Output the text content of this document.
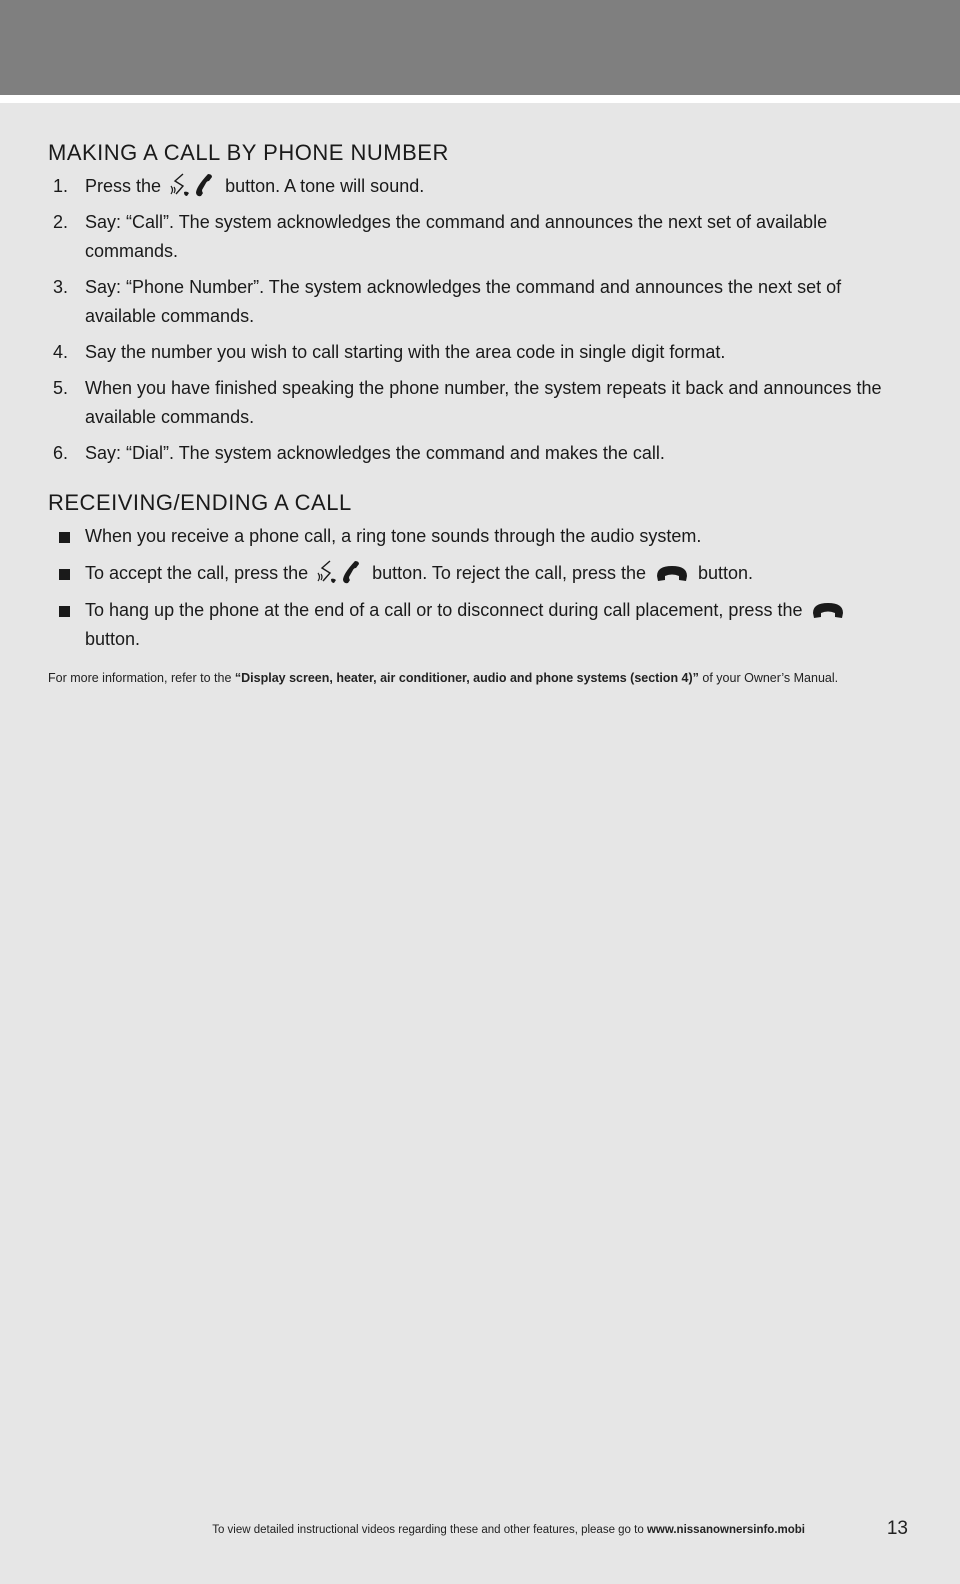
MAKING A CALL BY PHONE NUMBER
1. Press the	button. A tone will sound.
2. Say: “Call”. The system acknowledges the command and announces the next set of available commands.
3. Say: “Phone Number”. The system acknowledges the command and announces the next set of available commands.
4. Say the number you wish to call starting with the area code in single digit format.
5. When you have finished speaking the phone number, the system repeats it back and announces the available commands.
6. Say: “Dial”. The system acknowledges the command and makes the call.
RECEIVING/ENDING A CALL
When you receive a phone call, a ring tone sounds through the audio system.
To accept the call, press the	button. To reject the call, press the	button.
To hang up the phone at the end of a call or to disconnect during call placement, press the  button.
For more information, refer to the “Display screen, heater, air conditioner, audio and phone systems (section 4)” of your Owner’s Manual.
To view detailed instructional videos regarding these and other features, please go to www.nissanownersinfo.mobi	13
